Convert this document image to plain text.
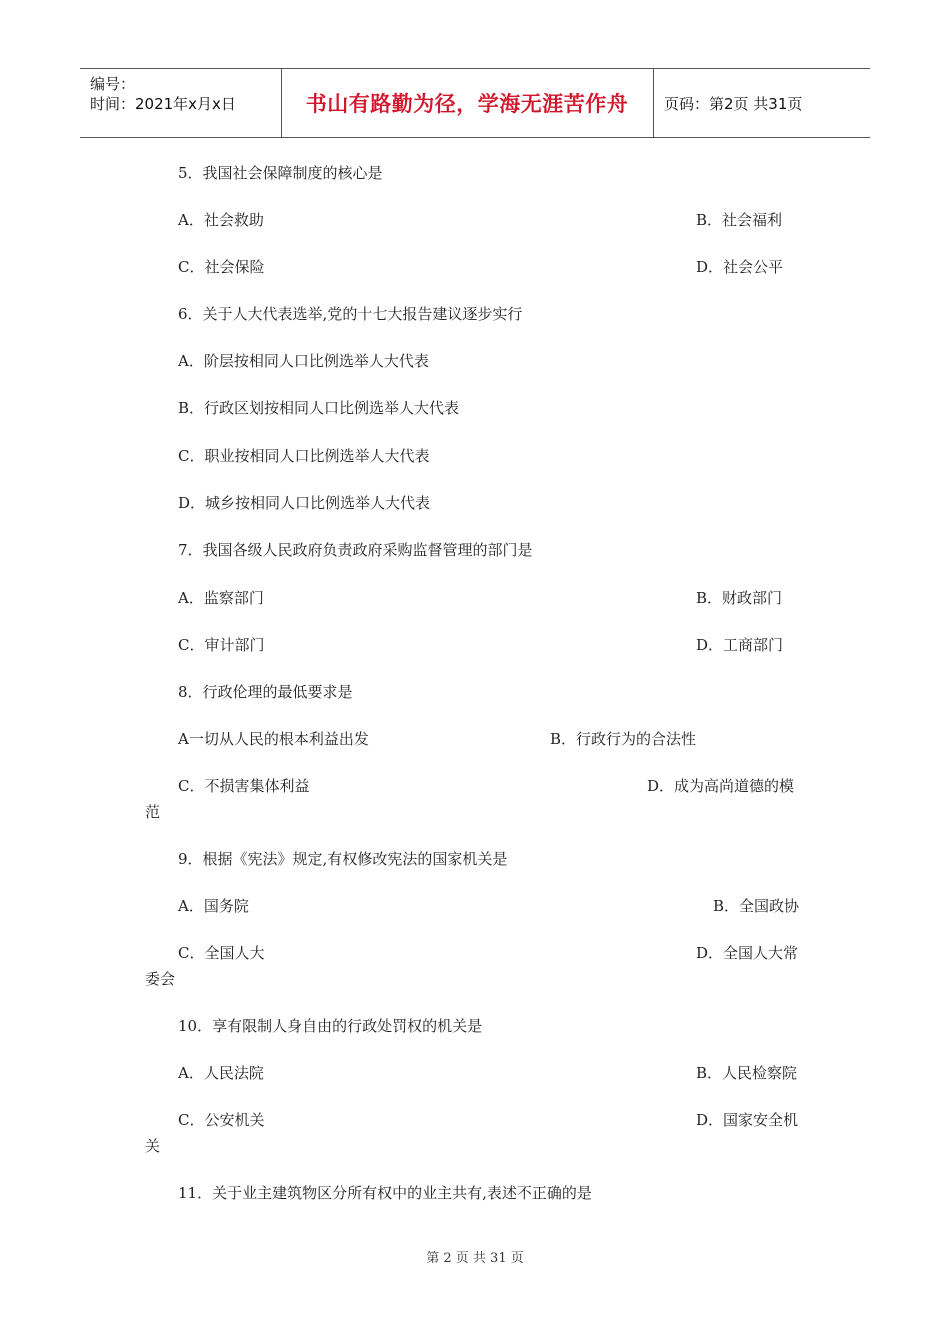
编号：
时间：2021年x月x日	书山有路勤为径，学海无涯苦作舟 页码：第2页 共31页
5．我国社会保障制度的核心是
A．社会救助	B．社会福利
C．社会保险	D．社会公平
6．关于人大代表选举,党的十七大报告建议逐步实行
A．阶层按相同人口比例选举人大代表
B．行政区划按相同人口比例选举人大代表
C．职业按相同人口比例选举人大代表
D．城乡按相同人口比例选举人大代表
7．我国各级人民政府负责政府采购监督管理的部门是
A．监察部门	B．财政部门
C．审计部门	D．工商部门
8．行政伦理的最低要求是
A一切从人民的根本利益出发	B．行政行为的合法性
C．不损害集体利益	D．成为高尚道德的模
范
9．根据《宪法》规定,有权修改宪法的国家机关是
A．国务院	B．全国政协
C．全国人大	D．全国人大常
委会
10．享有限制人身自由的行政处罚权的机关是
A．人民法院	B．人民检察院
C．公安机关	D．国家安全机
关
11．关于业主建筑物区分所有权中的业主共有,表述不正确的是
第 2 页 共 31 页
